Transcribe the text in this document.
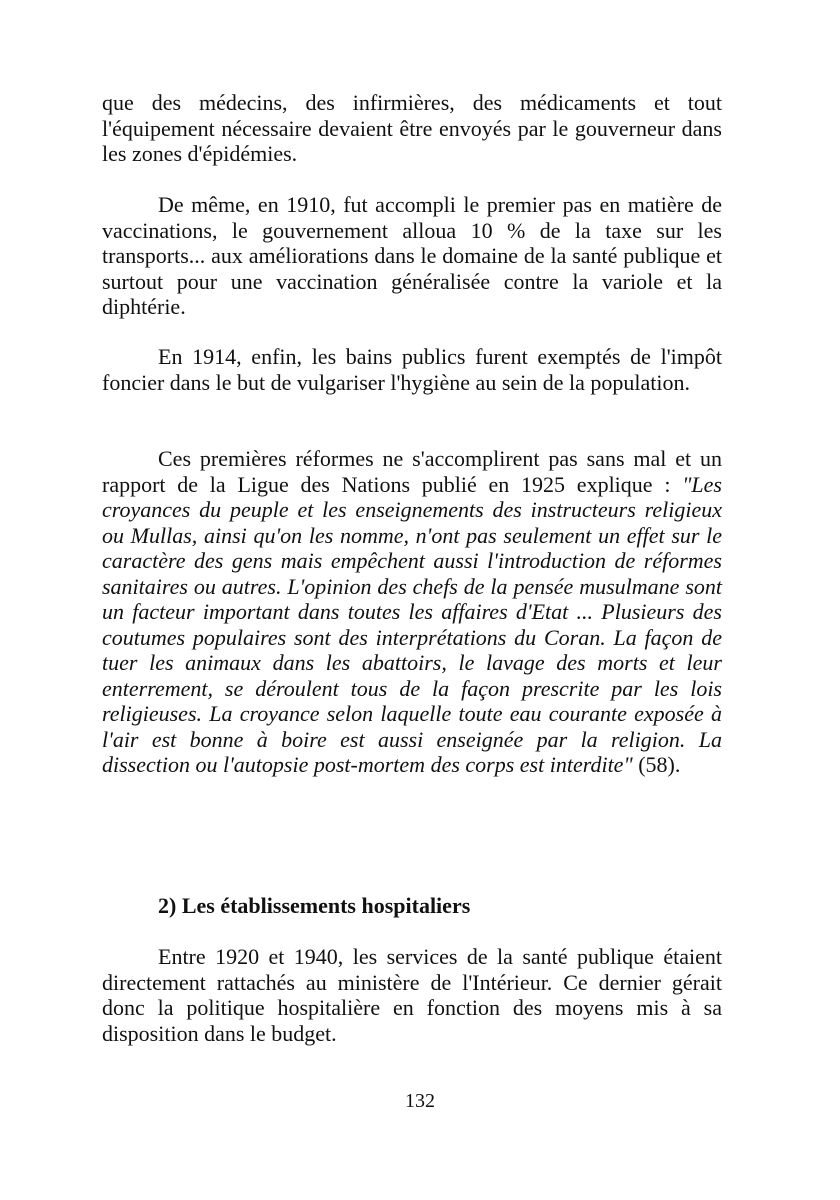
que des médecins, des infirmières, des médicaments et tout l'équipement nécessaire devaient être envoyés par le gouverneur dans les zones d'épidémies.

De même, en 1910, fut accompli le premier pas en matière de vaccinations, le gouvernement alloua 10 % de la taxe sur les transports... aux améliorations dans le domaine de la santé publique et surtout pour une vaccination généralisée contre la variole et la diphtérie.

En 1914, enfin, les bains publics furent exemptés de l'impôt foncier dans le but de vulgariser l'hygiène au sein de la population.

Ces premières réformes ne s'accomplirent pas sans mal et un rapport de la Ligue des Nations publié en 1925 explique : "Les croyances du peuple et les enseignements des instructeurs religieux ou Mullas, ainsi qu'on les nomme, n'ont pas seulement un effet sur le caractère des gens mais empêchent aussi l'introduction de réformes sanitaires ou autres. L'opinion des chefs de la pensée musulmane sont un facteur important dans toutes les affaires d'Etat ... Plusieurs des coutumes populaires sont des interprétations du Coran. La façon de tuer les animaux dans les abattoirs, le lavage des morts et leur enterrement, se déroulent tous de la façon prescrite par les lois religieuses. La croyance selon laquelle toute eau courante exposée à l'air est bonne à boire est aussi enseignée par la religion. La dissection ou l'autopsie post-mortem des corps est interdite" (58).

2) Les établissements hospitaliers

Entre 1920 et 1940, les services de la santé publique étaient directement rattachés au ministère de l'Intérieur. Ce dernier gérait donc la politique hospitalière en fonction des moyens mis à sa disposition dans le budget.

132
